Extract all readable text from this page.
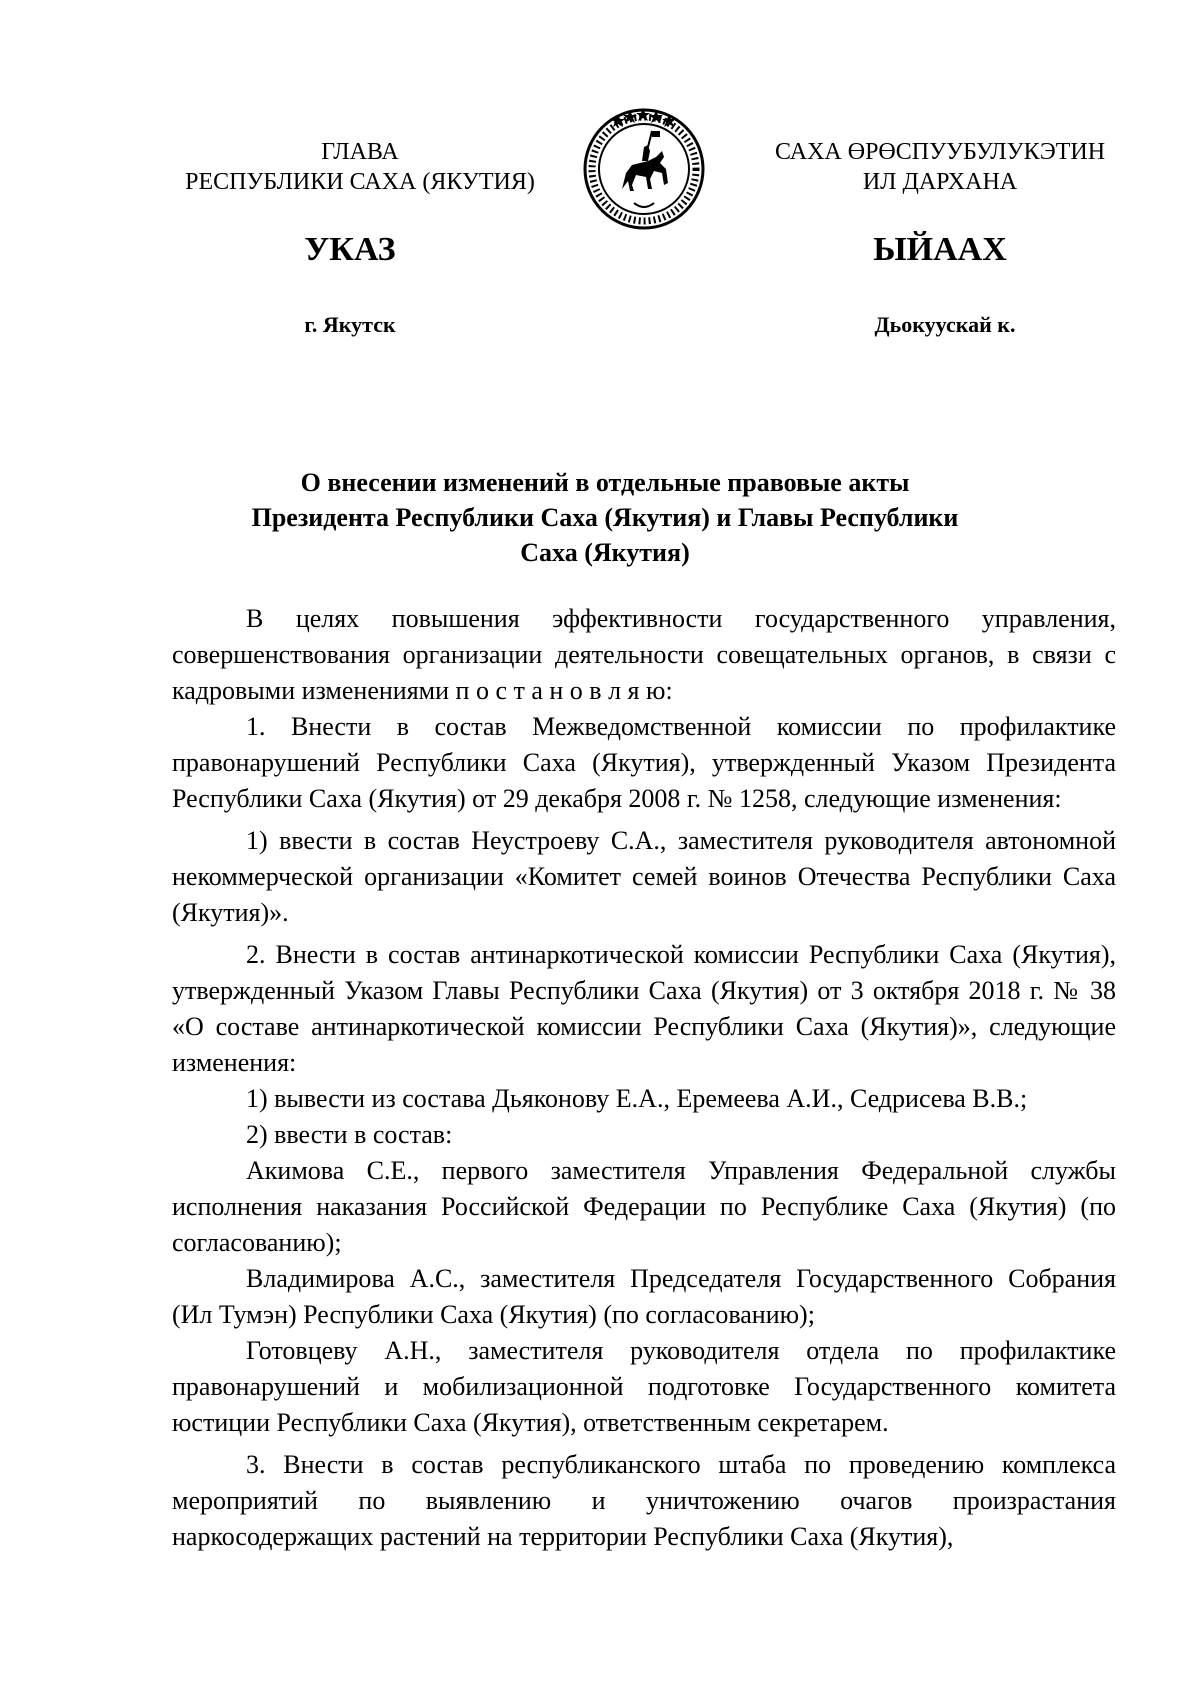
ГЛАВА
РЕСПУБЛИКИ САХА (ЯКУТИЯ)
САХА ӨРӨСПУУБУЛУКЭТИН
ИЛ ДАРХАНА
УКАЗ	ЫЙААХ
г. Якутск	Дьокуускай к.
О внесении изменений в отдельные правовые акты
Президента Республики Саха (Якутия) и Главы Республики
Саха (Якутия)

В целях повышения эффективности государственного управления, совершенствования организации деятельности совещательных органов, в связи с кадровыми изменениями п о с т а н о в л я ю:

1. Внести в состав Межведомственной комиссии по профилактике правонарушений Республики Саха (Якутия), утвержденный Указом Президента Республики Саха (Якутия) от 29 декабря 2008 г. № 1258, следующие изменения:

1) ввести в состав Неустроеву С.А., заместителя руководителя автономной некоммерческой организации «Комитет семей воинов Отечества Республики Саха (Якутия)».

2. Внести в состав антинаркотической комиссии Республики Саха (Якутия), утвержденный Указом Главы Республики Саха (Якутия) от 3 октября 2018 г. № 38 «О составе антинаркотической комиссии Республики Саха (Якутия)», следующие изменения:

1) вывести из состава Дьяконову Е.А., Еремеева А.И., Седрисева В.В.;

2) ввести в состав:

Акимова С.Е., первого заместителя Управления Федеральной службы исполнения наказания Российской Федерации по Республике Саха (Якутия) (по согласованию);

Владимирова А.С., заместителя Председателя Государственного Собрания (Ил Тумэн) Республики Саха (Якутия) (по согласованию);

Готовцеву А.Н., заместителя руководителя отдела по профилактике правонарушений и мобилизационной подготовке Государственного комитета юстиции Республики Саха (Якутия), ответственным секретарем.

3. Внести в состав республиканского штаба по проведению комплекса мероприятий по выявлению и уничтожению очагов произрастания наркосодержащих растений на территории Республики Саха (Якутия),
